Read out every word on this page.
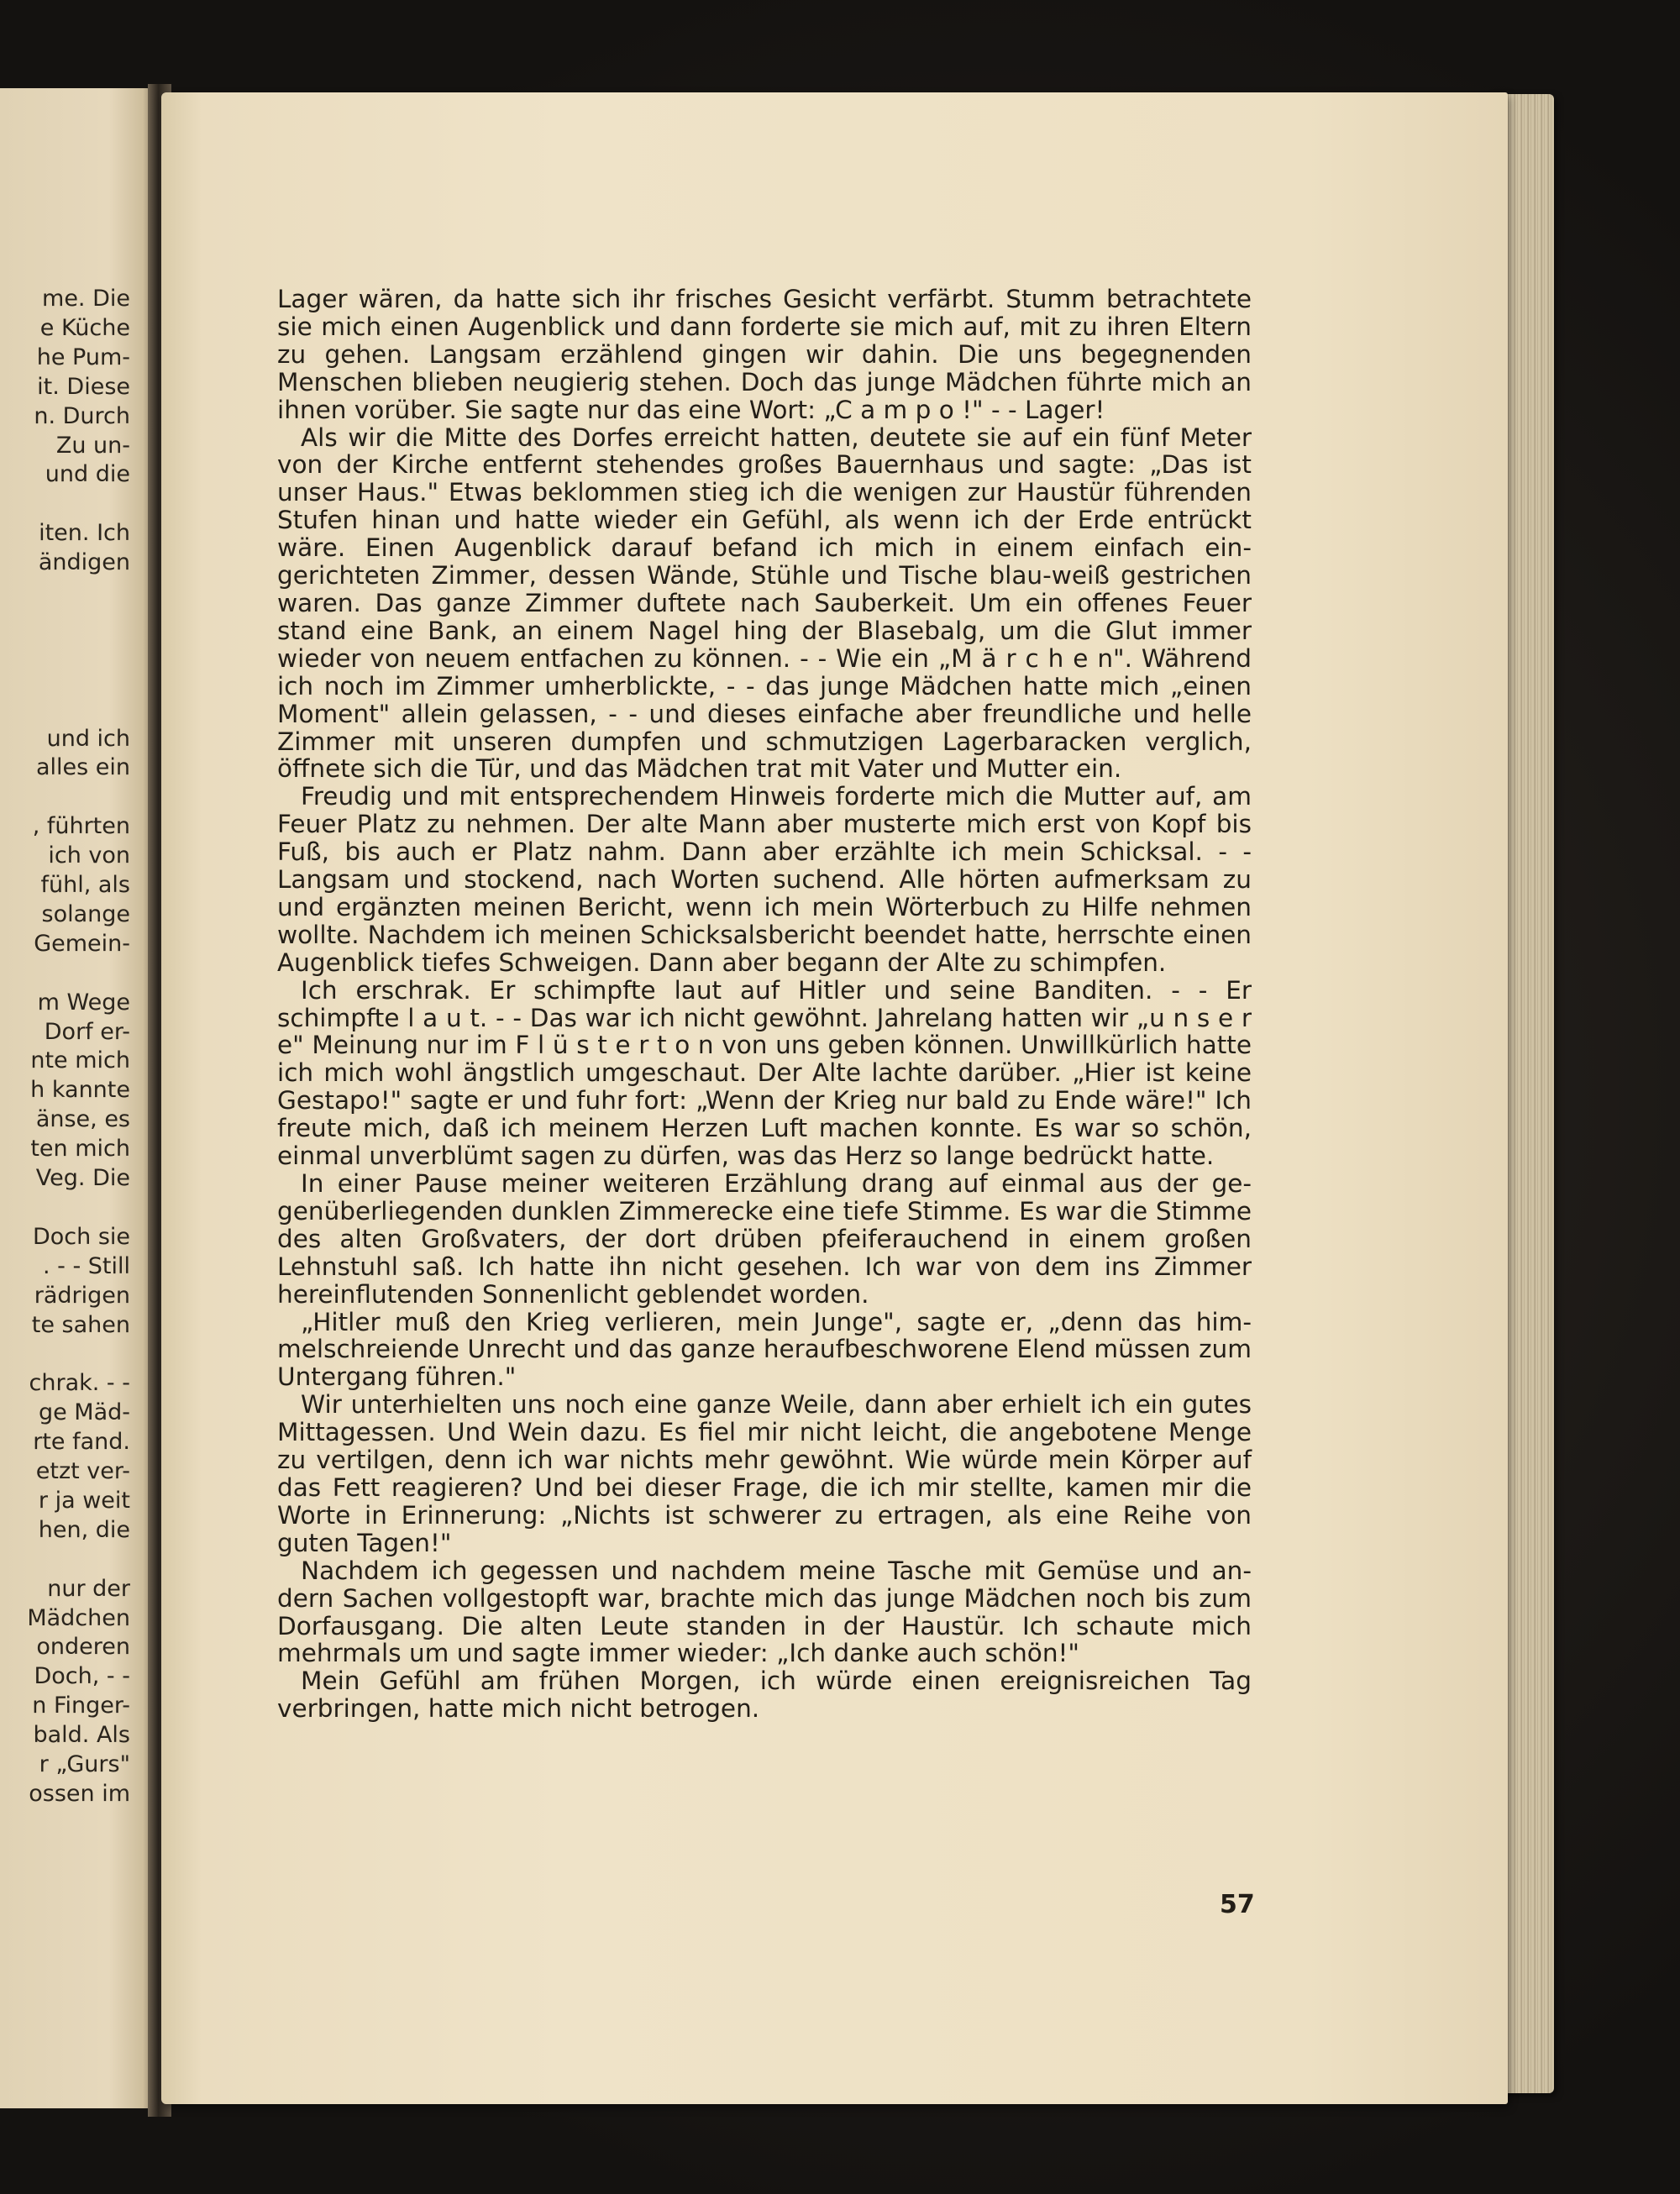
me. Die
e Küche
he Pum-
it. Diese
n. Durch
Zu un-
und die
iten. Ich
ändigen
und ich
alles ein
, führten
ich von
fühl, als
solange
Gemein-
m Wege
Dorf er-
nte mich
h kannte
änse, es
ten mich
Veg. Die
Doch sie
. - - Still
rädrigen
te sahen
chrak. - -
ge Mäd-
rte fand.
etzt ver-
r ja weit
hen, die
nur der
Mädchen
onderen
Doch, - -
n Finger-
bald. Als
r „Gurs"
ossen im

Lager wären, da hatte sich ihr frisches Gesicht verfärbt. Stumm betrachtete sie mich einen Augenblick und dann forderte sie mich auf, mit zu ihren Eltern zu gehen. Langsam erzählend gingen wir dahin. Die uns begegnenden Menschen blieben neugierig stehen. Doch das junge Mädchen führte mich an ihnen vorüber. Sie sagte nur das eine Wort: „C a m p o !" - - Lager!

Als wir die Mitte des Dorfes erreicht hatten, deutete sie auf ein fünf Meter von der Kirche entfernt stehendes großes Bauernhaus und sagte: „Das ist unser Haus." Etwas beklommen stieg ich die wenigen zur Haustür führenden Stufen hinan und hatte wieder ein Gefühl, als wenn ich der Erde entrückt wäre. Einen Augenblick darauf befand ich mich in einem einfach eingerichteten Zimmer, dessen Wände, Stühle und Tische blau-weiß gestrichen waren. Das ganze Zimmer duftete nach Sauberkeit. Um ein offenes Feuer stand eine Bank, an einem Nagel hing der Blasebalg, um die Glut immer wieder von neuem entfachen zu können. - - Wie ein „M ä r c h e n". Während ich noch im Zimmer umherblickte, - - das junge Mädchen hatte mich „einen Moment" allein gelassen, - - und dieses einfache aber freundliche und helle Zimmer mit unseren dumpfen und schmutzigen Lagerbaracken verglich, öffnete sich die Tür, und das Mädchen trat mit Vater und Mutter ein.

Freudig und mit entsprechendem Hinweis forderte mich die Mutter auf, am Feuer Platz zu nehmen. Der alte Mann aber musterte mich erst von Kopf bis Fuß, bis auch er Platz nahm. Dann aber erzählte ich mein Schicksal. - - Langsam und stockend, nach Worten suchend. Alle hörten aufmerksam zu und ergänzten meinen Bericht, wenn ich mein Wörterbuch zu Hilfe nehmen wollte. Nachdem ich meinen Schicksalsbericht beendet hatte, herrschte einen Augenblick tiefes Schweigen. Dann aber begann der Alte zu schimpfen.

Ich erschrak. Er schimpfte laut auf Hitler und seine Banditen. - - Er schimpfte l a u t. - - Das war ich nicht gewöhnt. Jahrelang hatten wir „u n s e r e" Meinung nur im F l ü s t e r t o n von uns geben können. Unwillkürlich hatte ich mich wohl ängstlich umgeschaut. Der Alte lachte darüber. „Hier ist keine Gestapo!" sagte er und fuhr fort: „Wenn der Krieg nur bald zu Ende wäre!" Ich freute mich, daß ich meinem Herzen Luft machen konnte. Es war so schön, einmal unverblümt sagen zu dürfen, was das Herz so lange bedrückt hatte.

In einer Pause meiner weiteren Erzählung drang auf einmal aus der gegenüberliegenden dunklen Zimmerecke eine tiefe Stimme. Es war die Stimme des alten Großvaters, der dort drüben pfeiferauchend in einem großen Lehnstuhl saß. Ich hatte ihn nicht gesehen. Ich war von dem ins Zimmer hereinflutenden Sonnenlicht geblendet worden.

„Hitler muß den Krieg verlieren, mein Junge", sagte er, „denn das himmelschreiende Unrecht und das ganze heraufbeschworene Elend müssen zum Untergang führen."

Wir unterhielten uns noch eine ganze Weile, dann aber erhielt ich ein gutes Mittagessen. Und Wein dazu. Es fiel mir nicht leicht, die angebotene Menge zu vertilgen, denn ich war nichts mehr gewöhnt. Wie würde mein Körper auf das Fett reagieren? Und bei dieser Frage, die ich mir stellte, kamen mir die Worte in Erinnerung: „Nichts ist schwerer zu ertragen, als eine Reihe von guten Tagen!"

Nachdem ich gegessen und nachdem meine Tasche mit Gemüse und andern Sachen vollgestopft war, brachte mich das junge Mädchen noch bis zum Dorfausgang. Die alten Leute standen in der Haustür. Ich schaute mich mehrmals um und sagte immer wieder: „Ich danke auch schön!"

Mein Gefühl am frühen Morgen, ich würde einen ereignisreichen Tag verbringen, hatte mich nicht betrogen.

57
